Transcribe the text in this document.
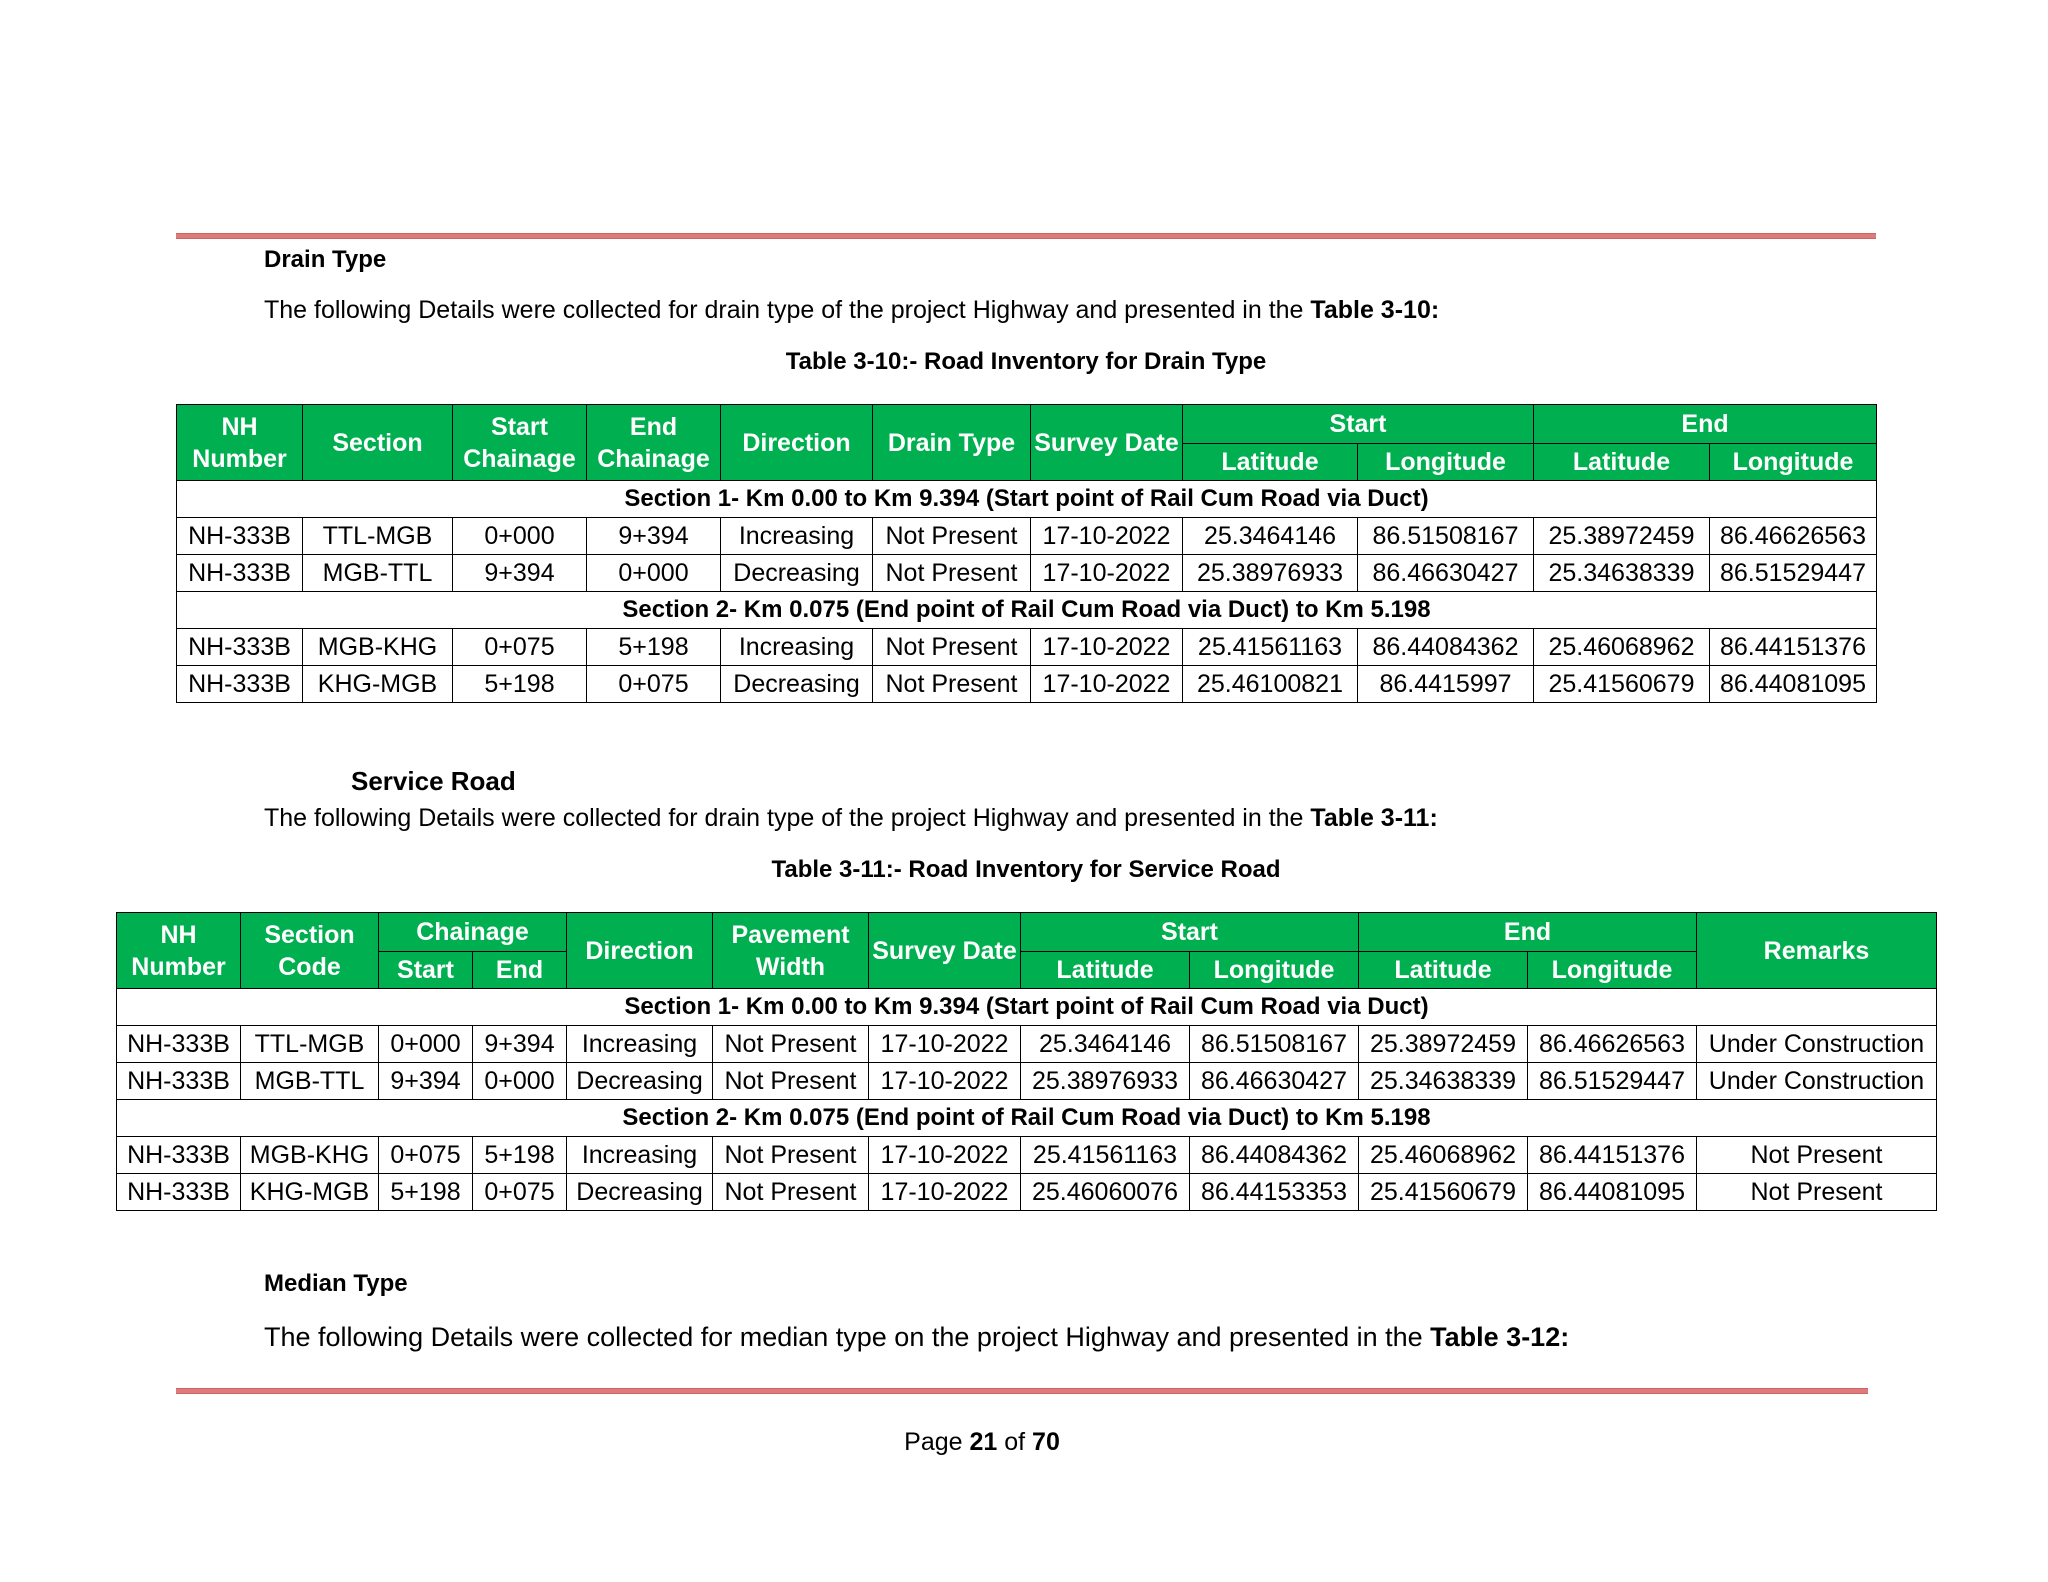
Drain Type
The following Details were collected for drain type of the project Highway and presented in the Table 3-10:
Table 3-10:- Road Inventory for Drain Type
NH Number	Section	Start Chainage	End Chainage	Direction	Drain Type	Survey Date	Start		End	
							Latitude	Longitude	Latitude	Longitude
Section 1- Km 0.00 to Km 9.394 (Start point of Rail Cum Road via Duct)										
NH-333B	TTL-MGB	0+000	9+394	Increasing	Not Present	17-10-2022	25.3464146	86.51508167	25.38972459	86.46626563
NH-333B	MGB-TTL	9+394	0+000	Decreasing	Not Present	17-10-2022	25.38976933	86.46630427	25.34638339	86.51529447
Section 2- Km 0.075 (End point of Rail Cum Road via Duct) to Km 5.198										
NH-333B	MGB-KHG	0+075	5+198	Increasing	Not Present	17-10-2022	25.41561163	86.44084362	25.46068962	86.44151376
NH-333B	KHG-MGB	5+198	0+075	Decreasing	Not Present	17-10-2022	25.46100821	86.4415997	25.41560679	86.44081095
Service Road
The following Details were collected for drain type of the project Highway and presented in the Table 3-11:
Table 3-11:- Road Inventory for Service Road
NH Number	Section Code	Chainage		Direction	Pavement Width	Survey Date	Start		End		Remarks
		Start	End				Latitude	Longitude	Latitude	Longitude	
Section 1- Km 0.00 to Km 9.394 (Start point of Rail Cum Road via Duct)											
NH-333B	TTL-MGB	0+000	9+394	Increasing	Not Present	17-10-2022	25.3464146	86.51508167	25.38972459	86.46626563	Under Construction
NH-333B	MGB-TTL	9+394	0+000	Decreasing	Not Present	17-10-2022	25.38976933	86.46630427	25.34638339	86.51529447	Under Construction
Section 2- Km 0.075 (End point of Rail Cum Road via Duct) to Km 5.198											
NH-333B	MGB-KHG	0+075	5+198	Increasing	Not Present	17-10-2022	25.41561163	86.44084362	25.46068962	86.44151376	Not Present
NH-333B	KHG-MGB	5+198	0+075	Decreasing	Not Present	17-10-2022	25.46060076	86.44153353	25.41560679	86.44081095	Not Present
Median Type
The following Details were collected for median type on the project Highway and presented in the Table 3-12:
Page 21 of 70
